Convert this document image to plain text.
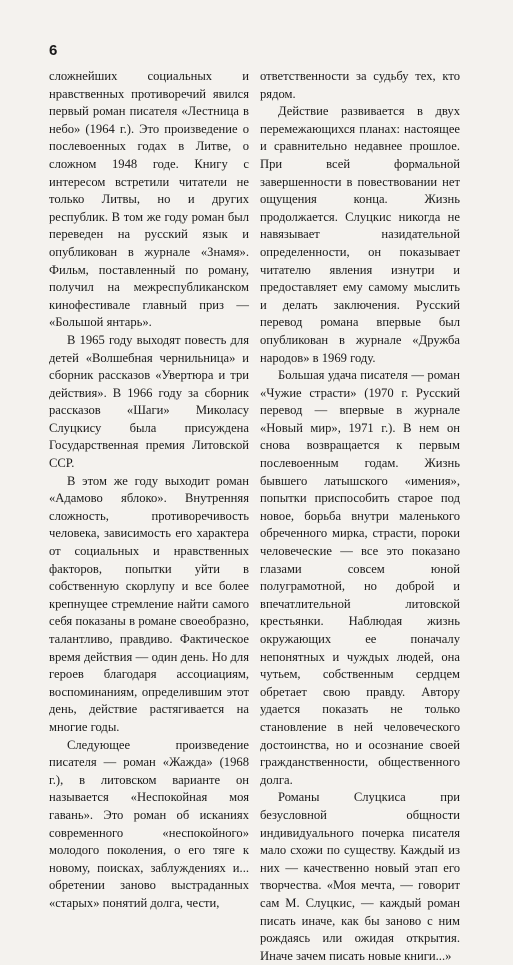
6

сложнейших социальных и нравственных противоречий явился первый роман писателя «Лестница в небо» (1964 г.). Это произведение о послевоенных годах в Литве, о сложном 1948 годе. Книгу с интересом встретили читатели не только Литвы, но и других республик. В том же году роман был переведен на русский язык и опубликован в журнале «Знамя». Фильм, поставленный по роману, получил на межреспубликанском кинофестивале главный приз — «Большой янтарь».

В 1965 году выходят повесть для детей «Волшебная чернильница» и сборник рассказов «Увертюра и три действия». В 1966 году за сборник рассказов «Шаги» Миколасу Слуцкису была присуждена Государственная премия Литовской ССР.

В этом же году выходит роман «Адамово яблоко». Внутренняя сложность, противоречивость человека, зависимость его характера от социальных и нравственных факторов, попытки уйти в собственную скорлупу и все более крепнущее стремление найти самого себя показаны в романе своеобразно, талантливо, правдиво. Фактическое время действия — один день. Но для героев благодаря ассоциациям, воспоминаниям, определившим этот день, действие растягивается на многие годы.

Следующее произведение писателя — роман «Жажда» (1968 г.), в литовском варианте он называется «Неспокойная моя гавань». Это роман об исканиях современного «неспокойного» молодого поколения, о его тяге к новому, поисках, заблуждениях и... обретении заново выстраданных «старых» понятий долга, чести,

ответственности за судьбу тех, кто рядом.

Действие развивается в двух перемежающихся планах: настоящее и сравнительно недавнее прошлое. При всей формальной завершенности в повествовании нет ощущения конца. Жизнь продолжается. Слуцкис никогда не навязывает назидательной определенности, он показывает читателю явления изнутри и предоставляет ему самому мыслить и делать заключения. Русский перевод романа впервые был опубликован в журнале «Дружба народов» в 1969 году.

Большая удача писателя — роман «Чужие страсти» (1970 г. Русский перевод — впервые в журнале «Новый мир», 1971 г.). В нем он снова возвращается к первым послевоенным годам. Жизнь бывшего латышского «имения», попытки приспособить старое под новое, борьба внутри маленького обреченного мирка, страсти, пороки человеческие — все это показано глазами совсем юной полуграмотной, но доброй и впечатлительной литовской крестьянки. Наблюдая жизнь окружающих ее поначалу непонятных и чуждых людей, она чутьем, собственным сердцем обретает свою правду. Автору удается показать не только становление в ней человеческого достоинства, но и осознание своей гражданственности, общественного долга.

Романы Слуцкиса при безусловной общности индивидуального почерка писателя мало схожи по существу. Каждый из них — качественно новый этап его творчества. «Моя мечта, — говорит сам М. Слуцкис, — каждый роман писать иначе, как бы заново с ним рождаясь или ожидая открытия. Иначе зачем писать новые книги...»
